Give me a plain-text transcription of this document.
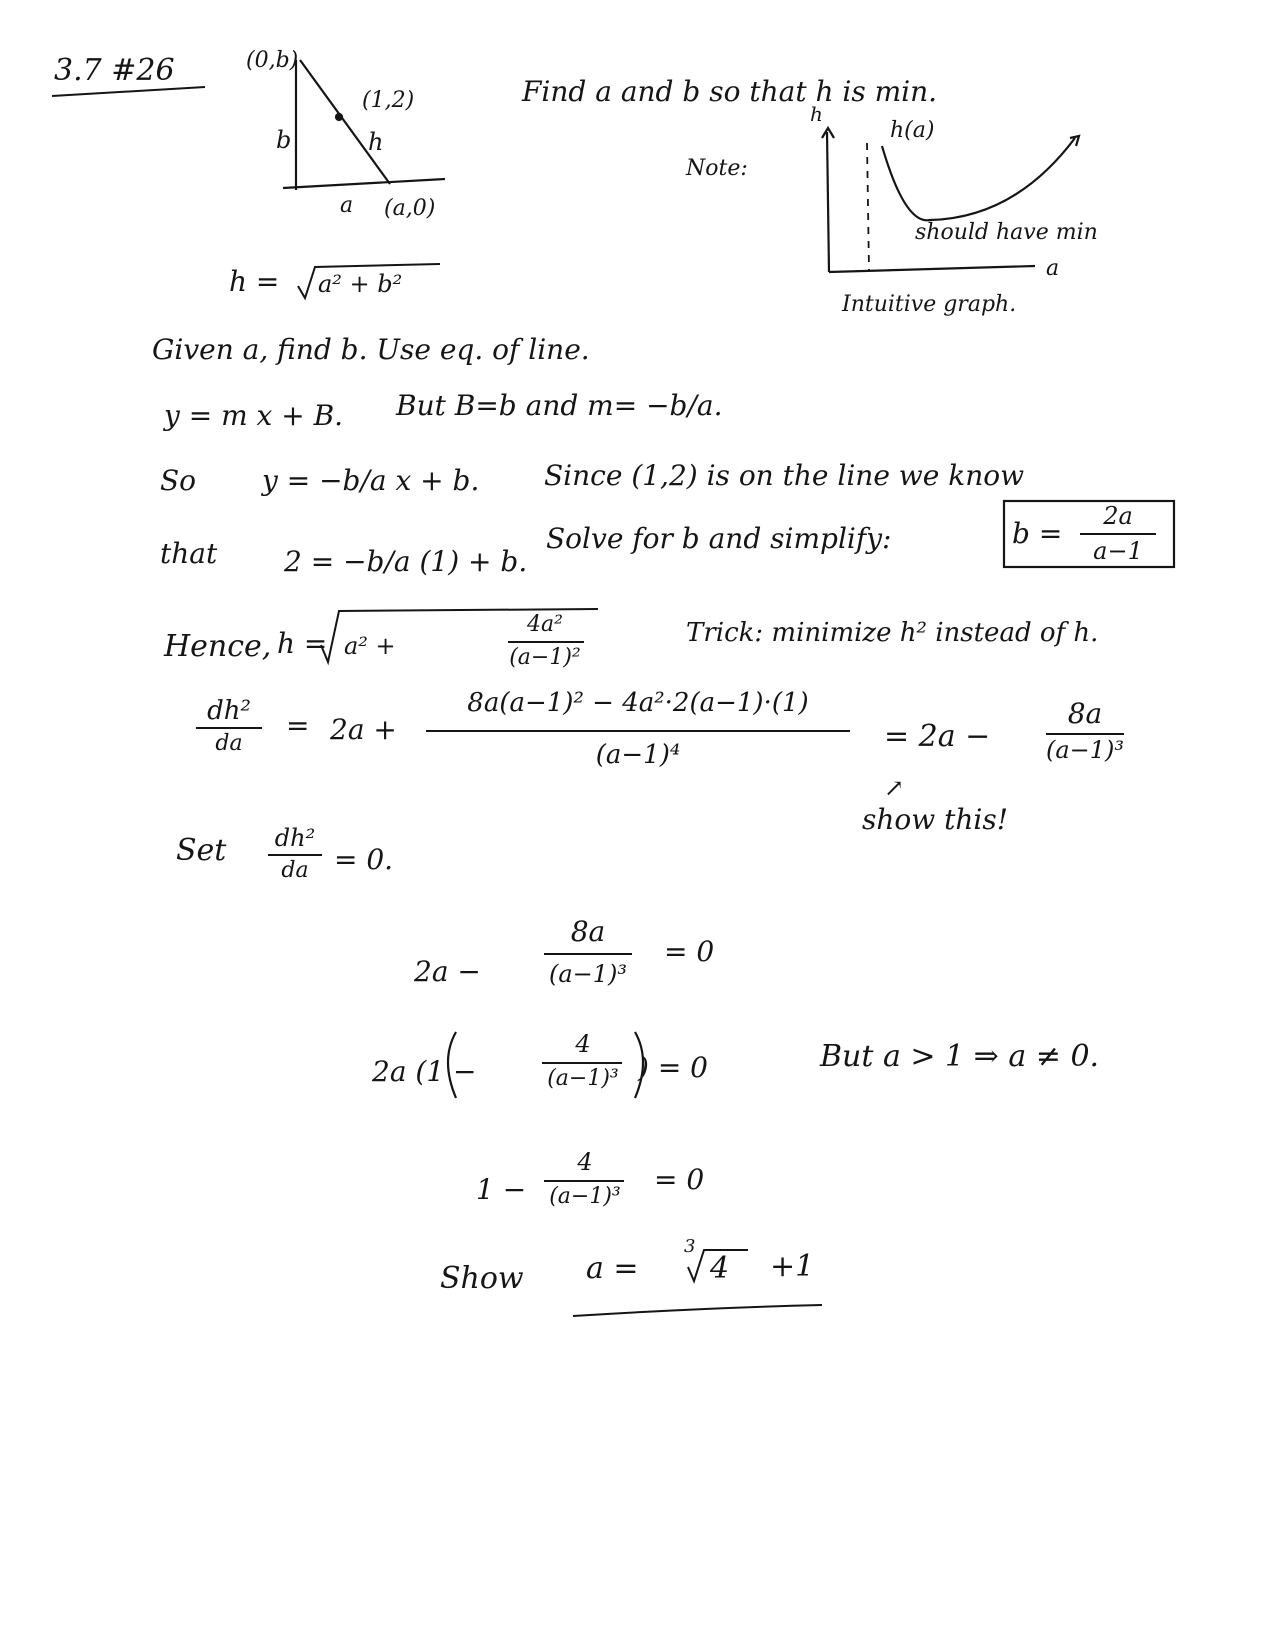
3.7 #26
Find a and b so that h is min.
(0,b)
(1,2)
b	h
a (a,0)
Note:
h
h(a)
should have min
a
Intuitive graph.
h = a² + b²
Given a, find b. Use eq. of line.
y = m x + B. But B=b and m= −b/a.
So y = −b/a x + b. Since (1,2) is on the line we know
that 2 = −b/a (1) + b.
Solve for b and simplify:	b =
2a
a−1
Hence, h = a² +
4a²
(a−1)²
Trick: minimize h² instead of h.
dh²
da
= 2a +
8a(a−1)² − 4a²·2(a−1)·(1)
(a−1)⁴
= 2a −
8a
(a−1)³
↗
show this!
Set	dh²
da = 0.
2a −
8a
(a−1)³
= 0
2a (1 −
4
(a−1)³ ) = 0	But a > 1 ⇒ a ≠ 0.
1 −
4
(a−1)³
= 0
Show a =
3
4 +1
